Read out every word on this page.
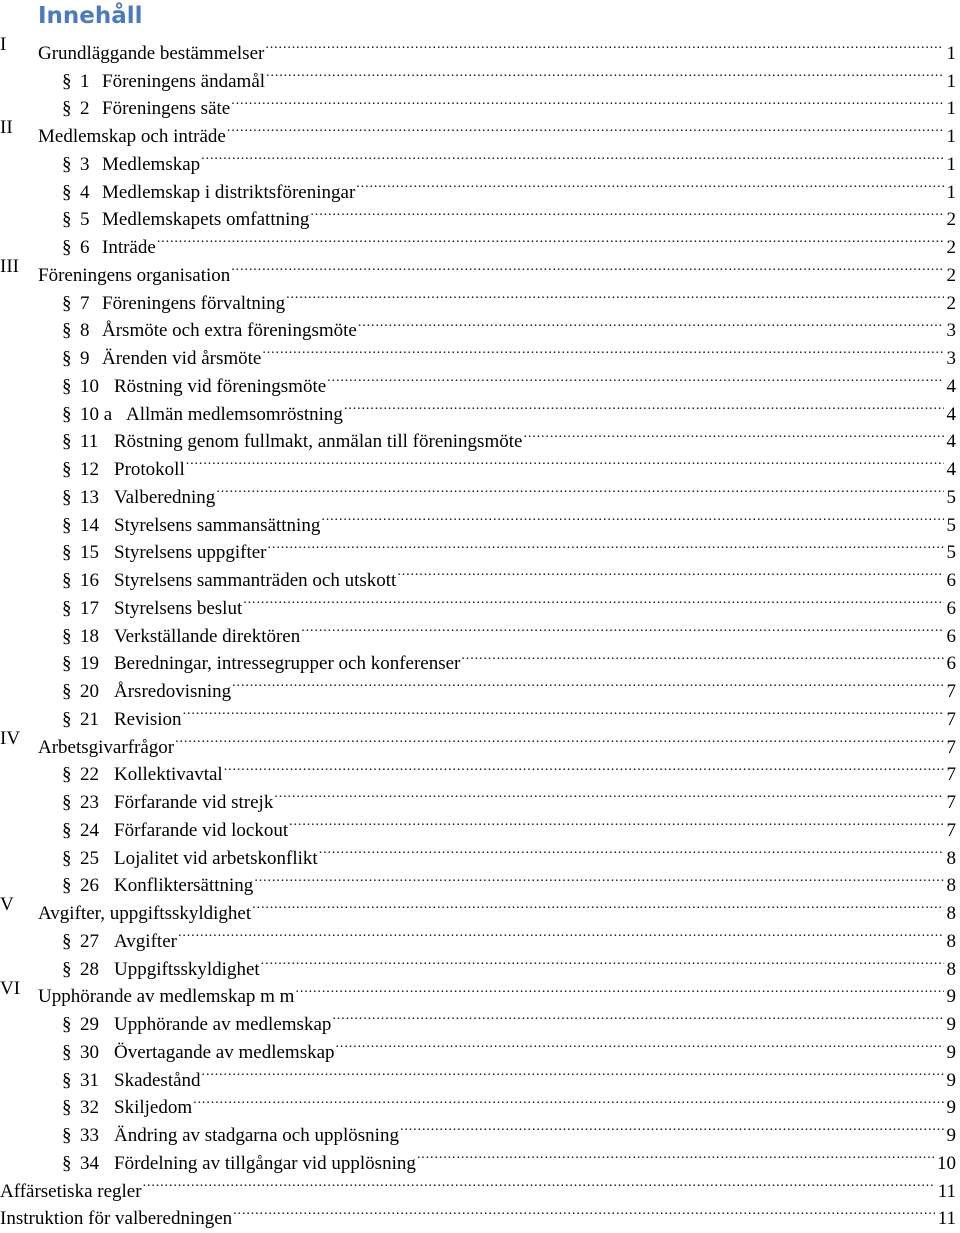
Innehåll
I Grundläggande bestämmelser .....	1
§ 1 Föreningens ändamål .....	1
§ 2 Föreningens säte .....	1
II Medlemskap och inträde .....	1
§ 3 Medlemskap .....	1
§ 4 Medlemskap i distriktsföreningar .....	1
§ 5 Medlemskapets omfattning .....	2
§ 6 Inträde .....	2
III Föreningens organisation .....	2
§ 7 Föreningens förvaltning .....	2
§ 8 Årsmöte och extra föreningsmöte .....	3
§ 9 Ärenden vid årsmöte .....	3
§ 10 Röstning vid föreningsmöte .....	4
§ 10 a Allmän medlemsomröstning .....	4
§ 11 Röstning genom fullmakt, anmälan till föreningsmöte .....	4
§ 12 Protokoll .....	4
§ 13 Valberedning .....	5
§ 14 Styrelsens sammansättning .....	5
§ 15 Styrelsens uppgifter .....	5
§ 16 Styrelsens sammanträden och utskott .....	6
§ 17 Styrelsens beslut .....	6
§ 18 Verkställande direktören .....	6
§ 19 Beredningar, intressegrupper och konferenser .....	6
§ 20 Årsredovisning .....	7
§ 21 Revision .....	7
IV Arbetsgivarfrågor .....	7
§ 22 Kollektivavtal .....	7
§ 23 Förfarande vid strejk .....	7
§ 24 Förfarande vid lockout .....	7
§ 25 Lojalitet vid arbetskonflikt .....	8
§ 26 Konfliktersättning .....	8
V Avgifter, uppgiftsskyldighet .....	8
§ 27 Avgifter .....	8
§ 28 Uppgiftsskyldighet .....	8
VI Upphörande av medlemskap m m .....	9
§ 29 Upphörande av medlemskap .....	9
§ 30 Övertagande av medlemskap .....	9
§ 31 Skadestånd .....	9
§ 32 Skiljedom .....	9
§ 33 Ändring av stadgarna och upplösning .....	9
§ 34 Fördelning av tillgångar vid upplösning .....	10
Affärsetiska regler .....	11
Instruktion för valberedningen .....	11
